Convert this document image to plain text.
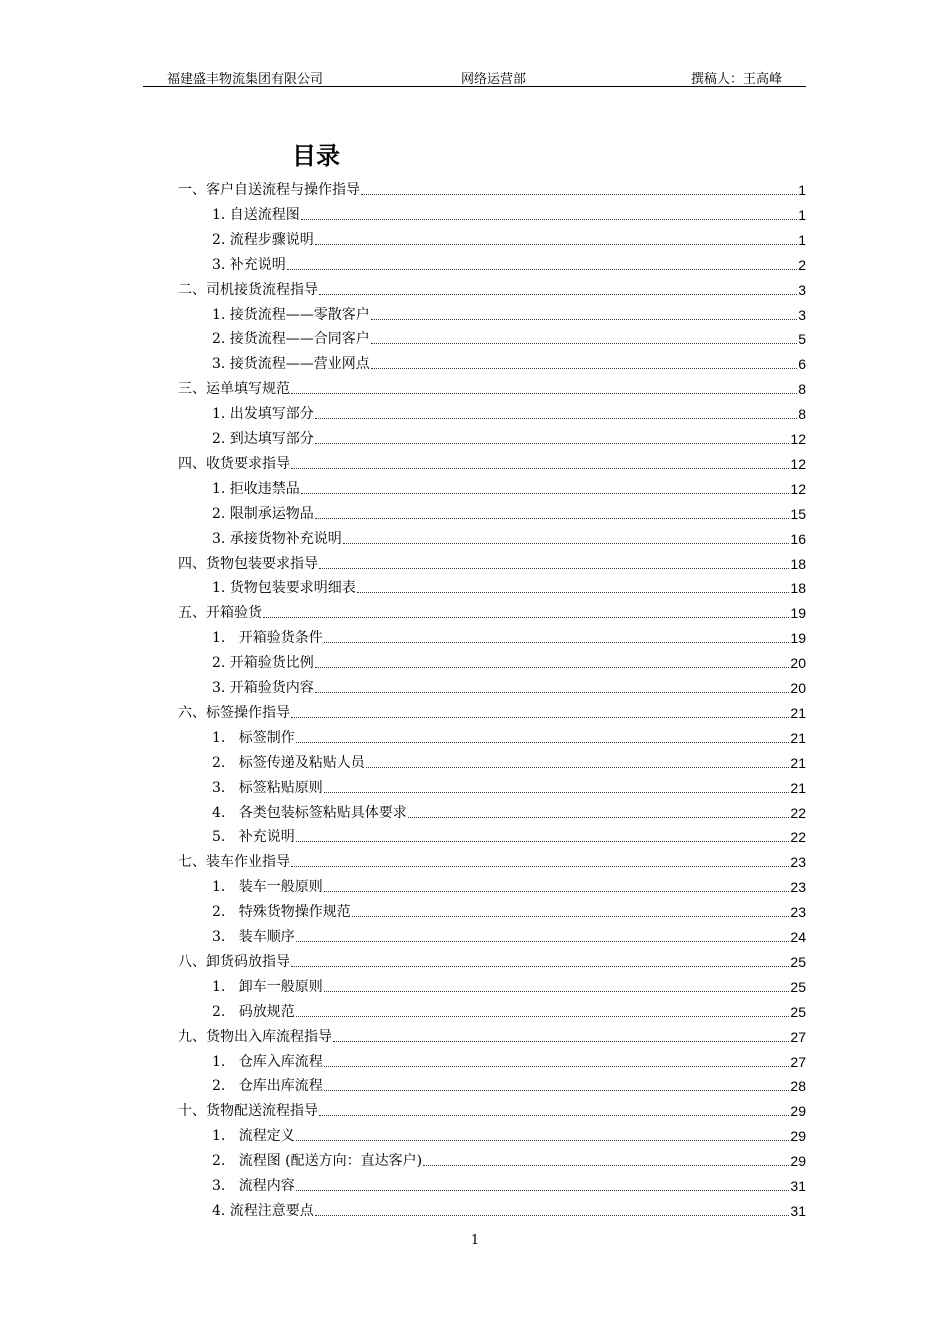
福建盛丰物流集团有限公司	网络运营部	撰稿人：王高峰
目录
一、客户自送流程与操作指导	1
1. 自送流程图	1
2. 流程步骤说明	1
3. 补充说明	2
二、司机接货流程指导	3
1. 接货流程——零散客户	3
2. 接货流程——合同客户	5
3. 接货流程——营业网点	6
三、运单填写规范	8
1. 出发填写部分	8
2. 到达填写部分	12
四、收货要求指导	12
1. 拒收违禁品	12
2. 限制承运物品	15
3. 承接货物补充说明	16
四、货物包装要求指导	18
1. 货物包装要求明细表	18
五、开箱验货	19
1.   开箱验货条件	19
2. 开箱验货比例	20
3. 开箱验货内容	20
六、标签操作指导	21
1.   标签制作	21
2.   标签传递及粘贴人员	21
3.   标签粘贴原则	21
4.   各类包装标签粘贴具体要求	22
5.   补充说明	22
七、装车作业指导	23
1.   装车一般原则	23
2.   特殊货物操作规范	23
3.   装车顺序	24
八、卸货码放指导	25
1.   卸车一般原则	25
2.   码放规范	25
九、货物出入库流程指导	27
1.   仓库入库流程	27
2.   仓库出库流程	28
十、货物配送流程指导	29
1.   流程定义	29
2.   流程图 (配送方向：直达客户)	29
3.   流程内容	31
4. 流程注意要点	31
1
